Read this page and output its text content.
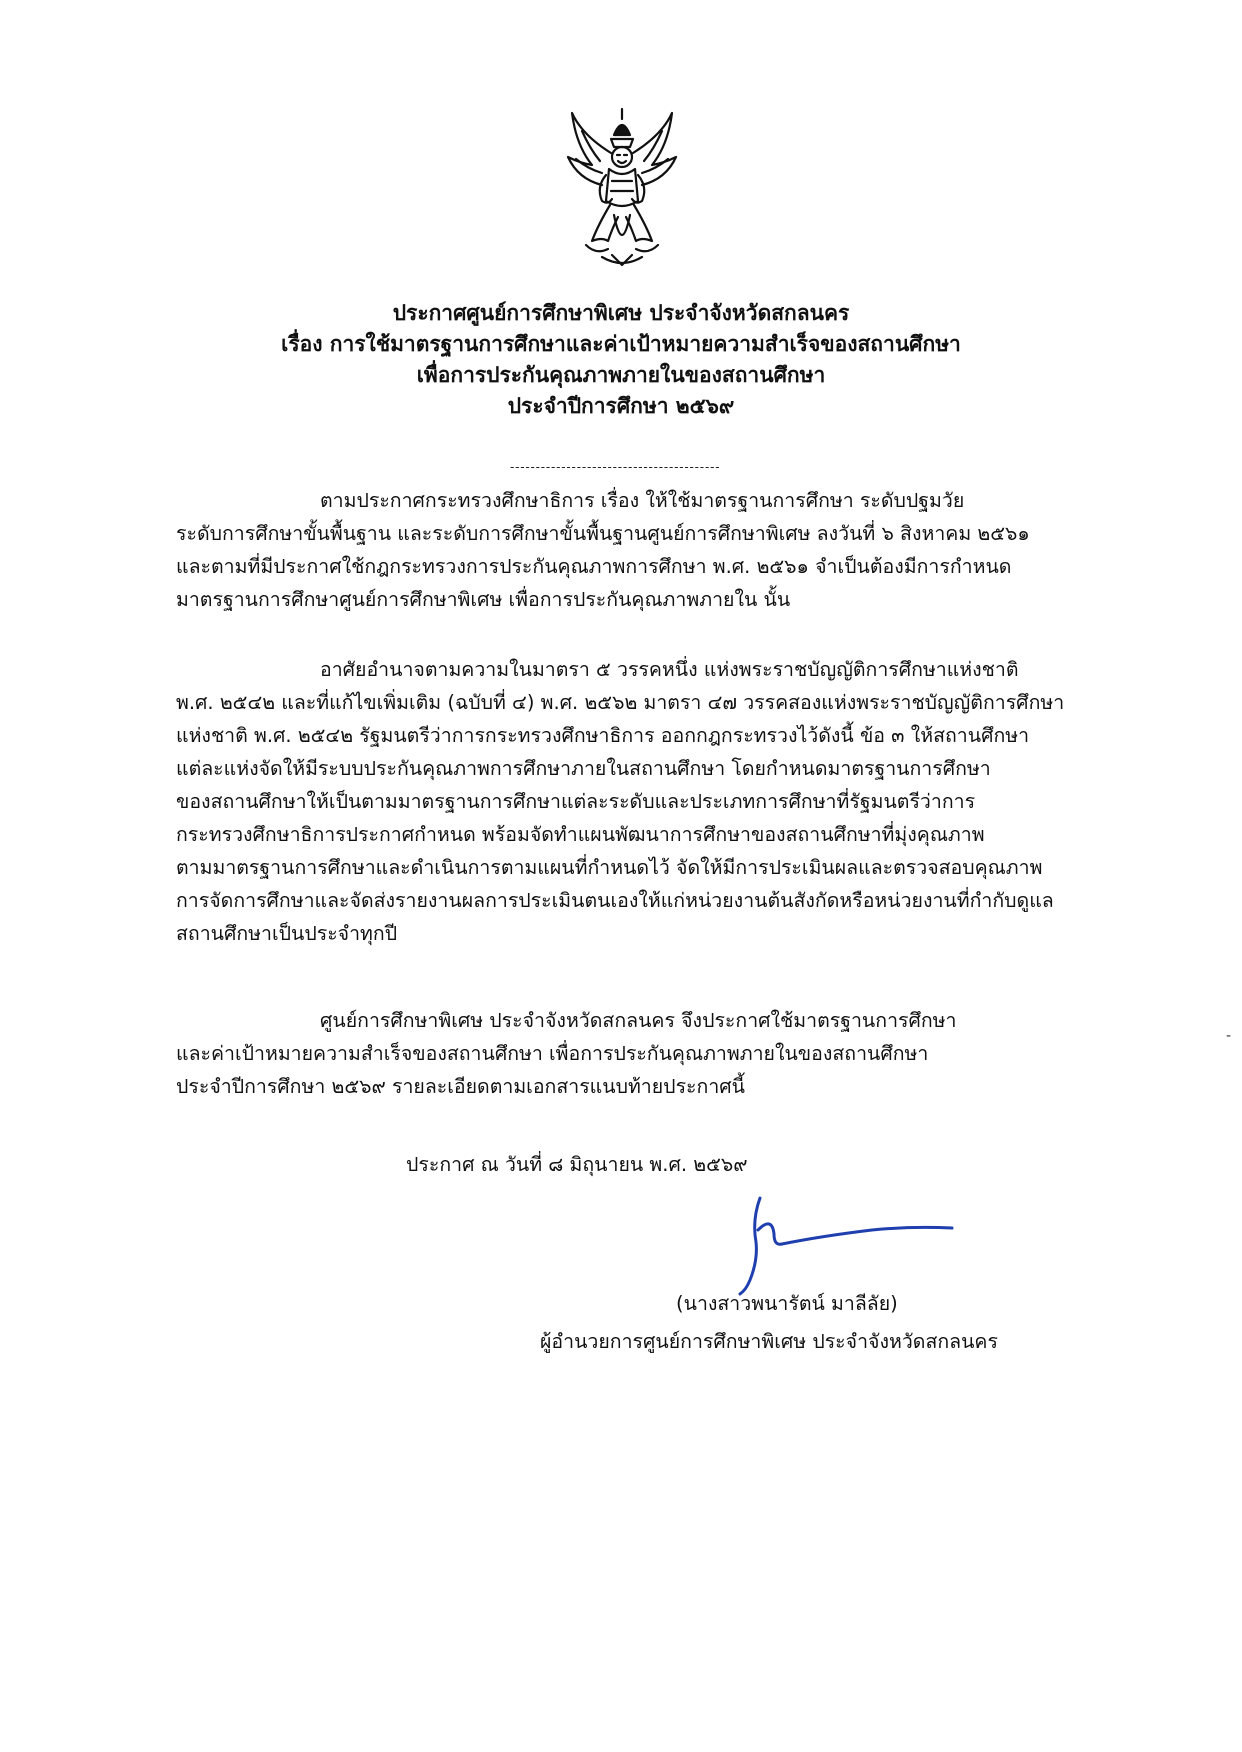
ประกาศศูนย์การศึกษาพิเศษ ประจำจังหวัดสกลนคร
เรื่อง การใช้มาตรฐานการศึกษาและค่าเป้าหมายความสำเร็จของสถานศึกษา
เพื่อการประกันคุณภาพภายในของสถานศึกษา
ประจำปีการศึกษา ๒๕๖๙
-----------------------------------------
ตามประกาศกระทรวงศึกษาธิการ เรื่อง ให้ใช้มาตรฐานการศึกษา ระดับปฐมวัย
ระดับการศึกษาขั้นพื้นฐาน และระดับการศึกษาขั้นพื้นฐานศูนย์การศึกษาพิเศษ ลงวันที่ ๖ สิงหาคม ๒๕๖๑
และตามที่มีประกาศใช้กฎกระทรวงการประกันคุณภาพการศึกษา พ.ศ. ๒๕๖๑ จำเป็นต้องมีการกำหนด
มาตรฐานการศึกษาศูนย์การศึกษาพิเศษ เพื่อการประกันคุณภาพภายใน นั้น
อาศัยอำนาจตามความในมาตรา ๕ วรรคหนึ่ง แห่งพระราชบัญญัติการศึกษาแห่งชาติ
พ.ศ. ๒๕๔๒ และที่แก้ไขเพิ่มเติม (ฉบับที่ ๔) พ.ศ. ๒๕๖๒ มาตรา ๔๗ วรรคสองแห่งพระราชบัญญัติการศึกษา
แห่งชาติ พ.ศ. ๒๕๔๒ รัฐมนตรีว่าการกระทรวงศึกษาธิการ ออกกฎกระทรวงไว้ดังนี้ ข้อ ๓ ให้สถานศึกษา
แต่ละแห่งจัดให้มีระบบประกันคุณภาพการศึกษาภายในสถานศึกษา โดยกำหนดมาตรฐานการศึกษา
ของสถานศึกษาให้เป็นตามมาตรฐานการศึกษาแต่ละระดับและประเภทการศึกษาที่รัฐมนตรีว่าการ
กระทรวงศึกษาธิการประกาศกำหนด พร้อมจัดทำแผนพัฒนาการศึกษาของสถานศึกษาที่มุ่งคุณภาพ
ตามมาตรฐานการศึกษาและดำเนินการตามแผนที่กำหนดไว้ จัดให้มีการประเมินผลและตรวจสอบคุณภาพ
การจัดการศึกษาและจัดส่งรายงานผลการประเมินตนเองให้แก่หน่วยงานต้นสังกัดหรือหน่วยงานที่กำกับดูแล
สถานศึกษาเป็นประจำทุกปี
ศูนย์การศึกษาพิเศษ ประจำจังหวัดสกลนคร จึงประกาศใช้มาตรฐานการศึกษา
และค่าเป้าหมายความสำเร็จของสถานศึกษา เพื่อการประกันคุณภาพภายในของสถานศึกษา
ประจำปีการศึกษา ๒๕๖๙ รายละเอียดตามเอกสารแนบท้ายประกาศนี้
ประกาศ ณ วันที่ ๘ มิถุนายน พ.ศ. ๒๕๖๙
(นางสาวพนารัตน์ มาลีลัย)
ผู้อำนวยการศูนย์การศึกษาพิเศษ ประจำจังหวัดสกลนคร
-
